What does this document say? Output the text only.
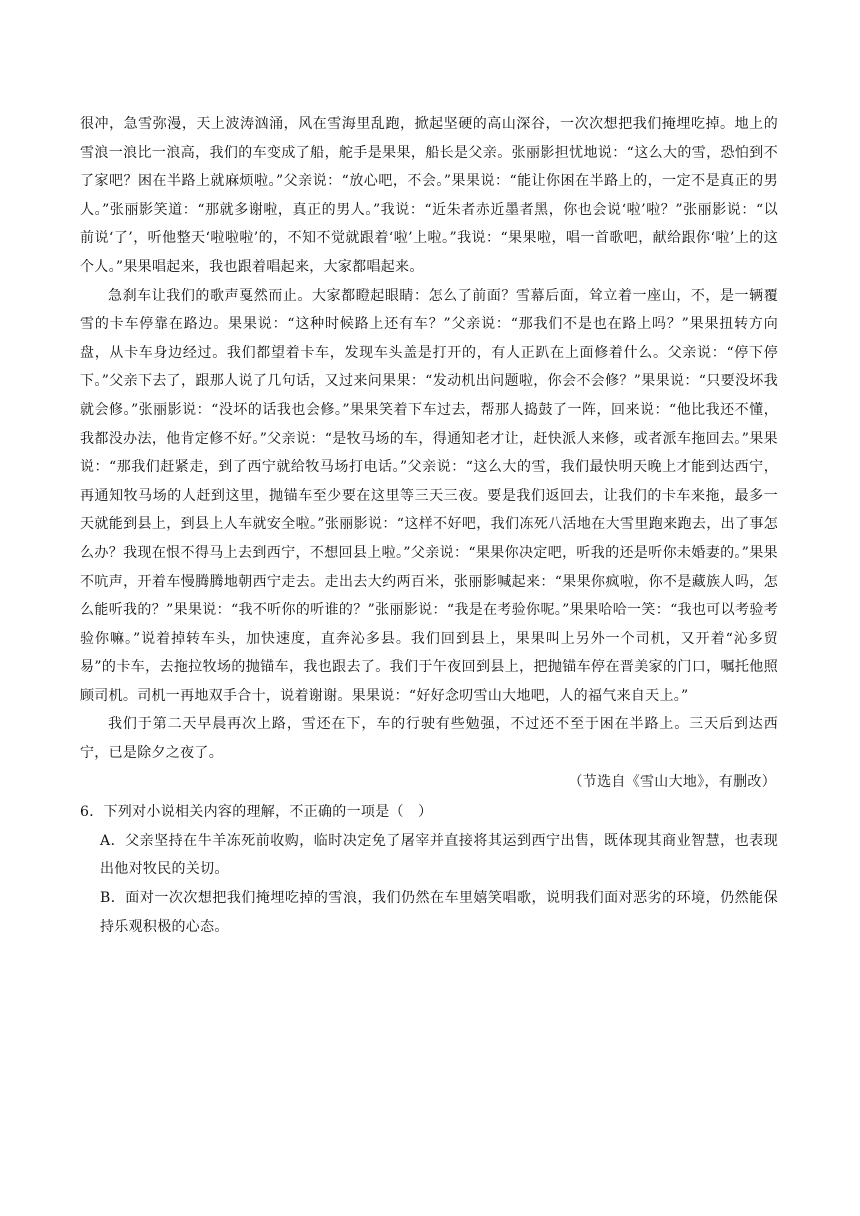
很冲，急雪弥漫，天上波涛汹涌，风在雪海里乱跑，掀起坚硬的高山深谷，一次次想把我们掩埋吃掉。地上的雪浪一浪比一浪高，我们的车变成了船，舵手是果果，船长是父亲。张丽影担忧地说：“这么大的雪，恐怕到不了家吧？困在半路上就麻烦啦。”父亲说：“放心吧，不会。”果果说：“能让你困在半路上的，一定不是真正的男人。”张丽影笑道：“那就多谢啦，真正的男人。”我说：“近朱者赤近墨者黑，你也会说‘啦’啦？”张丽影说：“以前说‘了’，听他整天‘啦啦啦’的，不知不觉就跟着‘啦’上啦。”我说：“果果啦，唱一首歌吧，献给跟你‘啦’上的这个人。”果果唱起来，我也跟着唱起来，大家都唱起来。

急刹车让我们的歌声戛然而止。大家都瞪起眼睛：怎么了前面？雪幕后面，耸立着一座山，不，是一辆覆雪的卡车停靠在路边。果果说：“这种时候路上还有车？”父亲说：“那我们不是也在路上吗？”果果扭转方向盘，从卡车身边经过。我们都望着卡车，发现车头盖是打开的，有人正趴在上面修着什么。父亲说：“停下停下。”父亲下去了，跟那人说了几句话，又过来问果果：“发动机出问题啦，你会不会修？”果果说：“只要没坏我就会修。”张丽影说：“没坏的话我也会修。”果果笑着下车过去，帮那人捣鼓了一阵，回来说：“他比我还不懂，我都没办法，他肯定修不好。”父亲说：“是牧马场的车，得通知老才让，赶快派人来修，或者派车拖回去。”果果说：“那我们赶紧走，到了西宁就给牧马场打电话。”父亲说：“这么大的雪，我们最快明天晚上才能到达西宁，再通知牧马场的人赶到这里，抛锚车至少要在这里等三天三夜。要是我们返回去，让我们的卡车来拖，最多一天就能到县上，到县上人车就安全啦。”张丽影说：“这样不好吧，我们冻死八活地在大雪里跑来跑去，出了事怎么办？我现在恨不得马上去到西宁，不想回县上啦。”父亲说：“果果你决定吧，听我的还是听你未婚妻的。”果果不吭声，开着车慢腾腾地朝西宁走去。走出去大约两百米，张丽影喊起来：“果果你疯啦，你不是藏族人吗，怎么能听我的？”果果说：“我不听你的听谁的？”张丽影说：“我是在考验你呢。”果果哈哈一笑：“我也可以考验考验你嘛。”说着掉转车头，加快速度，直奔沁多县。我们回到县上，果果叫上另外一个司机，又开着“沁多贸易”的卡车，去拖拉牧场的抛锚车，我也跟去了。我们于午夜回到县上，把抛锚车停在晋美家的门口，嘱托他照顾司机。司机一再地双手合十，说着谢谢。果果说：“好好念叨雪山大地吧，人的福气来自天上。”

我们于第二天早晨再次上路，雪还在下，车的行驶有些勉强，不过还不至于困在半路上。三天后到达西宁，已是除夕之夜了。

（节选自《雪山大地》，有删改）

6．下列对小说相关内容的理解，不正确的一项是（　）

A．父亲坚持在牛羊冻死前收购，临时决定免了屠宰并直接将其运到西宁出售，既体现其商业智慧，也表现出他对牧民的关切。

B．面对一次次想把我们掩埋吃掉的雪浪，我们仍然在车里嬉笑唱歌，说明我们面对恶劣的环境，仍然能保持乐观积极的心态。
